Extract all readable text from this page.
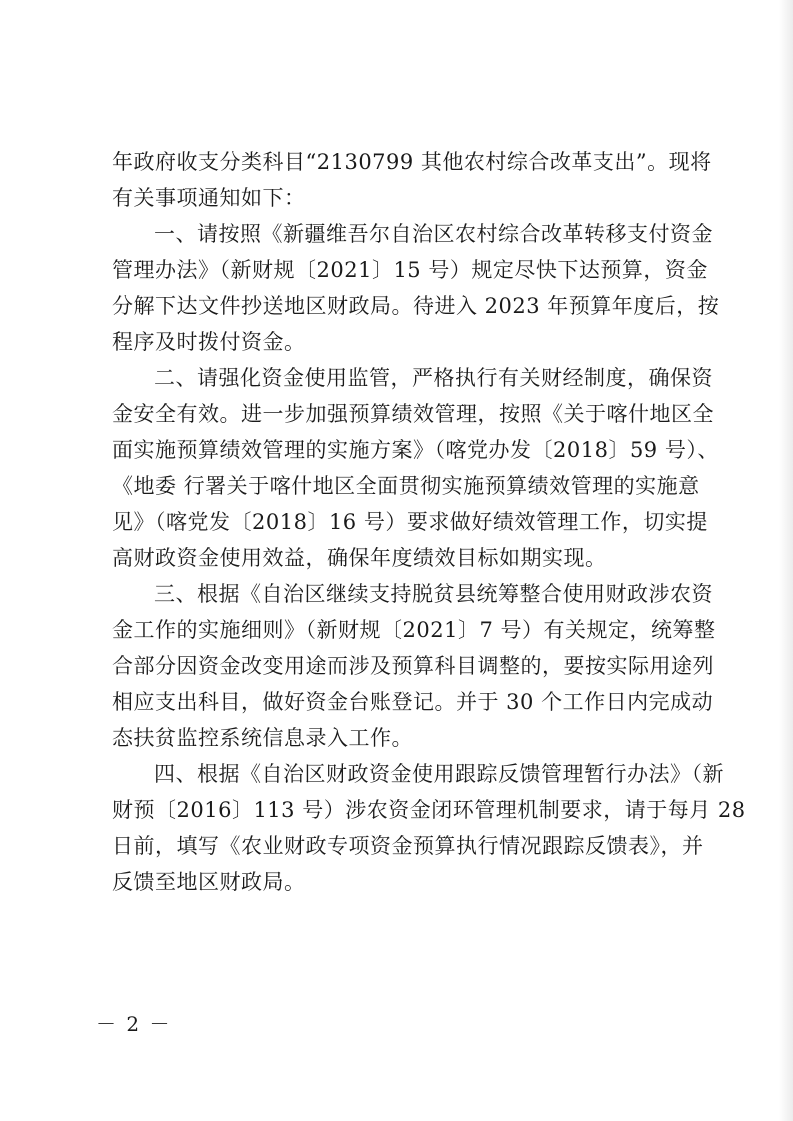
年政府收支分类科目“2130799 其他农村综合改革支出”。现将
有关事项通知如下：
一、请按照《新疆维吾尔自治区农村综合改革转移支付资金
管理办法》（新财规〔2021〕15 号）规定尽快下达预算，资金
分解下达文件抄送地区财政局。待进入 2023 年预算年度后，按
程序及时拨付资金。
二、请强化资金使用监管，严格执行有关财经制度，确保资
金安全有效。进一步加强预算绩效管理，按照《关于喀什地区全
面实施预算绩效管理的实施方案》（喀党办发〔2018〕59 号）、
《地委 行署关于喀什地区全面贯彻实施预算绩效管理的实施意
见》（喀党发〔2018〕16 号）要求做好绩效管理工作，切实提
高财政资金使用效益，确保年度绩效目标如期实现。
三、根据《自治区继续支持脱贫县统筹整合使用财政涉农资
金工作的实施细则》（新财规〔2021〕7 号）有关规定，统筹整
合部分因资金改变用途而涉及预算科目调整的，要按实际用途列
相应支出科目，做好资金台账登记。并于 30 个工作日内完成动
态扶贫监控系统信息录入工作。
四、根据《自治区财政资金使用跟踪反馈管理暂行办法》（新
财预〔2016〕113 号）涉农资金闭环管理机制要求，请于每月 28
日前，填写《农业财政专项资金预算执行情况跟踪反馈表》，并
反馈至地区财政局。
－ 2 －
